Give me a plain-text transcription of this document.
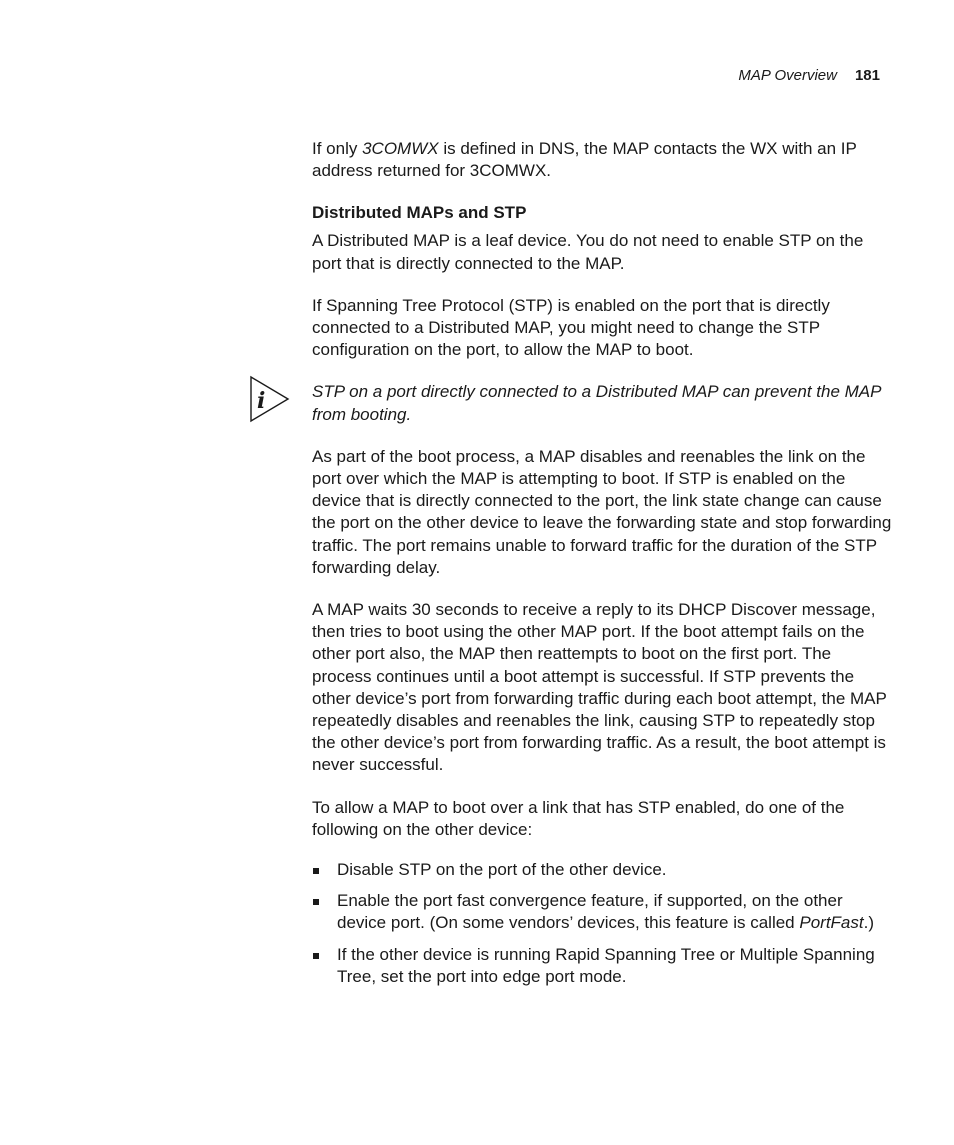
MAP Overview 181

If only 3COMWX is defined in DNS, the MAP contacts the WX with an IP address returned for 3COMWX.

Distributed MAPs and STP

A Distributed MAP is a leaf device. You do not need to enable STP on the port that is directly connected to the MAP.

If Spanning Tree Protocol (STP) is enabled on the port that is directly connected to a Distributed MAP, you might need to change the STP configuration on the port, to allow the MAP to boot.

i	STP on a port directly connected to a Distributed MAP can prevent the MAP from booting.

As part of the boot process, a MAP disables and reenables the link on the port over which the MAP is attempting to boot. If STP is enabled on the device that is directly connected to the port, the link state change can cause the port on the other device to leave the forwarding state and stop forwarding traffic. The port remains unable to forward traffic for the duration of the STP forwarding delay.

A MAP waits 30 seconds to receive a reply to its DHCP Discover message, then tries to boot using the other MAP port. If the boot attempt fails on the other port also, the MAP then reattempts to boot on the first port. The process continues until a boot attempt is successful. If STP prevents the other device’s port from forwarding traffic during each boot attempt, the MAP repeatedly disables and reenables the link, causing STP to repeatedly stop the other device’s port from forwarding traffic. As a result, the boot attempt is never successful.

To allow a MAP to boot over a link that has STP enabled, do one of the following on the other device:

Disable STP on the port of the other device.
Enable the port fast convergence feature, if supported, on the other device port. (On some vendors’ devices, this feature is called PortFast.)
If the other device is running Rapid Spanning Tree or Multiple Spanning Tree, set the port into edge port mode.
